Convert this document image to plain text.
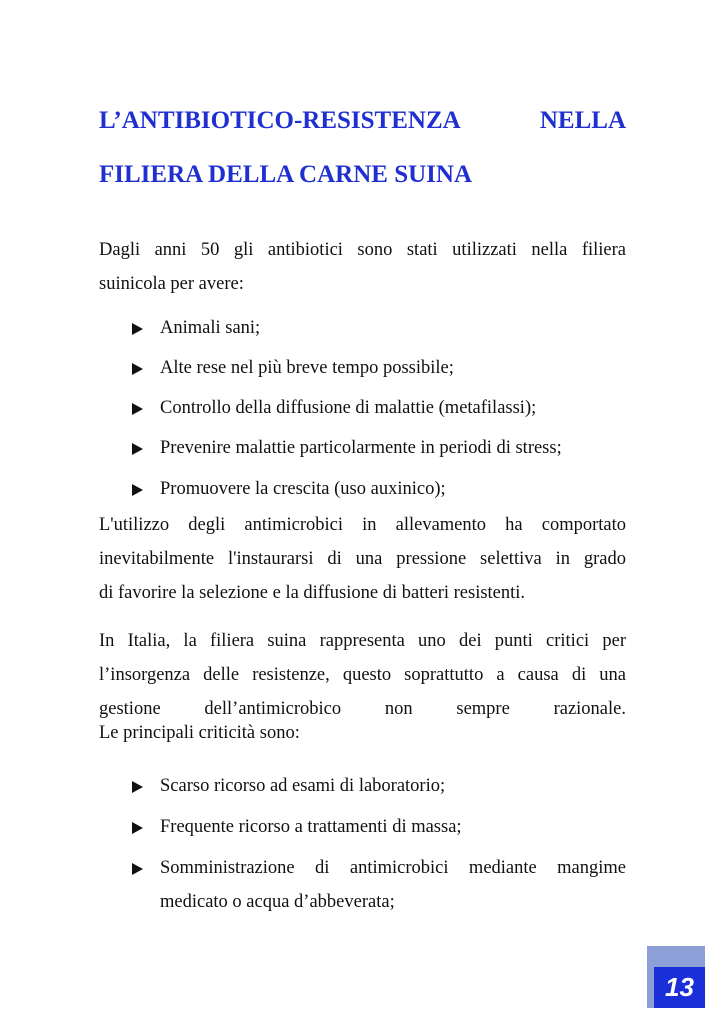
L’ANTIBIOTICO-RESISTENZA NELLA
FILIERA DELLA CARNE SUINA

Dagli anni 50 gli antibiotici sono stati utilizzati nella filiera
suinicola per avere:

Animali sani;
Alte rese nel più breve tempo possibile;
Controllo della diffusione di malattie (metafilassi);
Prevenire malattie particolarmente in periodi di stress;
Promuovere la crescita (uso auxinico);

L'utilizzo degli antimicrobici in allevamento ha comportato
inevitabilmente l'instaurarsi di una pressione selettiva in grado
di favorire la selezione e la diffusione di batteri resistenti.

In Italia, la filiera suina rappresenta uno dei punti critici per
l’insorgenza delle resistenze, questo soprattutto a causa di una
gestione dell’antimicrobico non sempre razionale.
Le principali criticità sono:

Scarso ricorso ad esami di laboratorio;
Frequente ricorso a trattamenti di massa;
Somministrazione di antimicrobici mediante mangime
medicato o acqua d’abbeverata;
13
